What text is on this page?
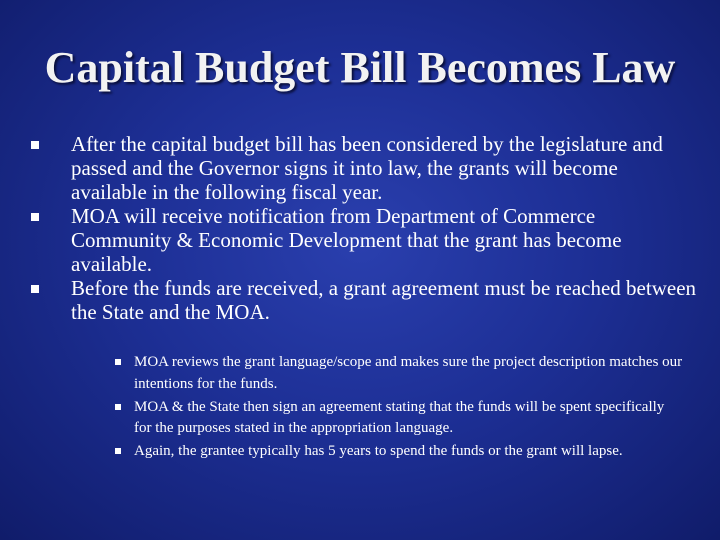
Capital Budget Bill Becomes Law
After the capital budget bill has been considered by the legislature and passed and the Governor signs it into law, the grants will become available in the following fiscal year.
MOA will receive notification from Department of Commerce Community & Economic Development that the grant has become available.
Before the funds are received, a grant agreement must be reached between the State and the MOA.
MOA reviews the grant language/scope and makes sure the project description matches our intentions for the funds.
MOA & the State then sign an agreement stating that the funds will be spent specifically for the purposes stated in the appropriation language.
Again, the grantee typically has 5 years to spend the funds or the grant will lapse.
